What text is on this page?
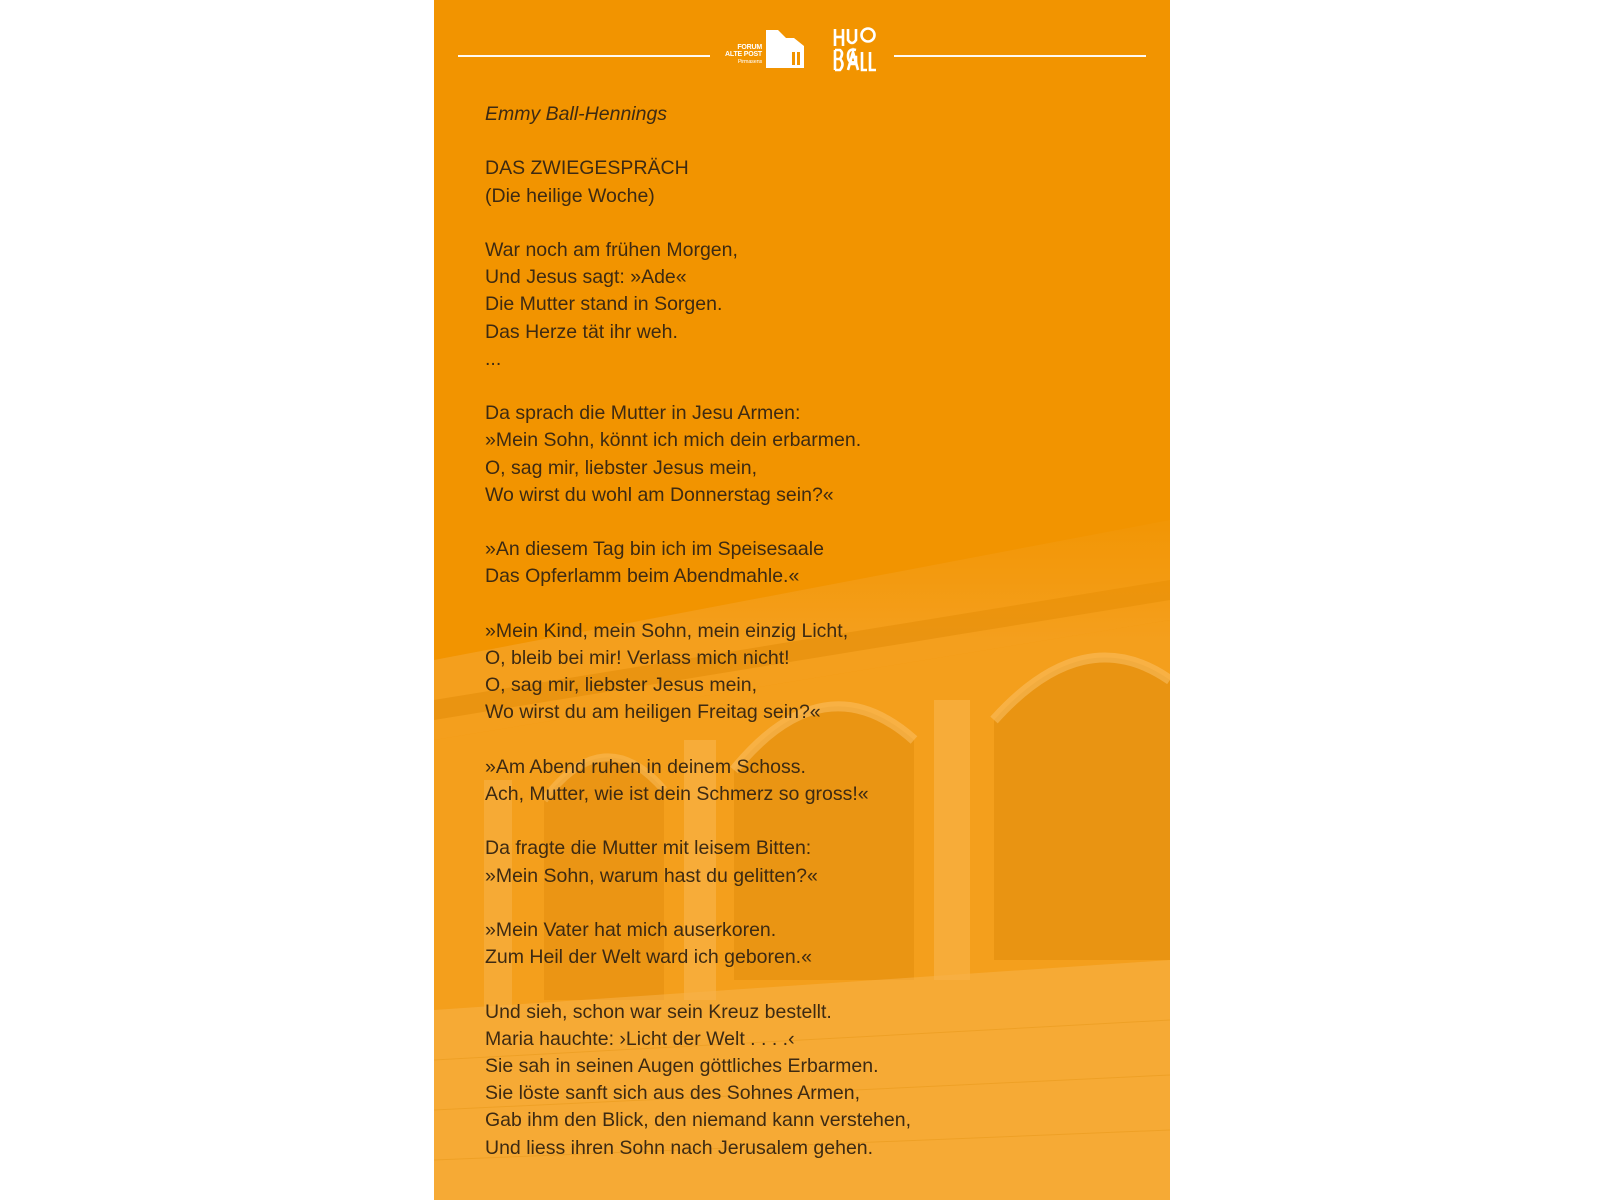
FORUM
ALTE POST
Pirmasens
Emmy Ball-Hennings
DAS ZWIEGESPRÄCH
(Die heilige Woche)
War noch am frühen Morgen,
Und Jesus sagt: »Ade«
Die Mutter stand in Sorgen.
Das Herze tät ihr weh.
...
Da sprach die Mutter in Jesu Armen:
»Mein Sohn, könnt ich mich dein erbarmen.
O, sag mir, liebster Jesus mein,
Wo wirst du wohl am Donnerstag sein?«
»An diesem Tag bin ich im Speisesaale
Das Opferlamm beim Abendmahle.«
»Mein Kind, mein Sohn, mein einzig Licht,
O, bleib bei mir! Verlass mich nicht!
O, sag mir, liebster Jesus mein,
Wo wirst du am heiligen Freitag sein?«
»Am Abend ruhen in deinem Schoss.
Ach, Mutter, wie ist dein Schmerz so gross!«
Da fragte die Mutter mit leisem Bitten:
»Mein Sohn, warum hast du gelitten?«
»Mein Vater hat mich auserkoren.
Zum Heil der Welt ward ich geboren.«
Und sieh, schon war sein Kreuz bestellt.
Maria hauchte: ›Licht der Welt . . . .‹
Sie sah in seinen Augen göttliches Erbarmen.
Sie löste sanft sich aus des Sohnes Armen,
Gab ihm den Blick, den niemand kann verstehen,
Und liess ihren Sohn nach Jerusalem gehen.
